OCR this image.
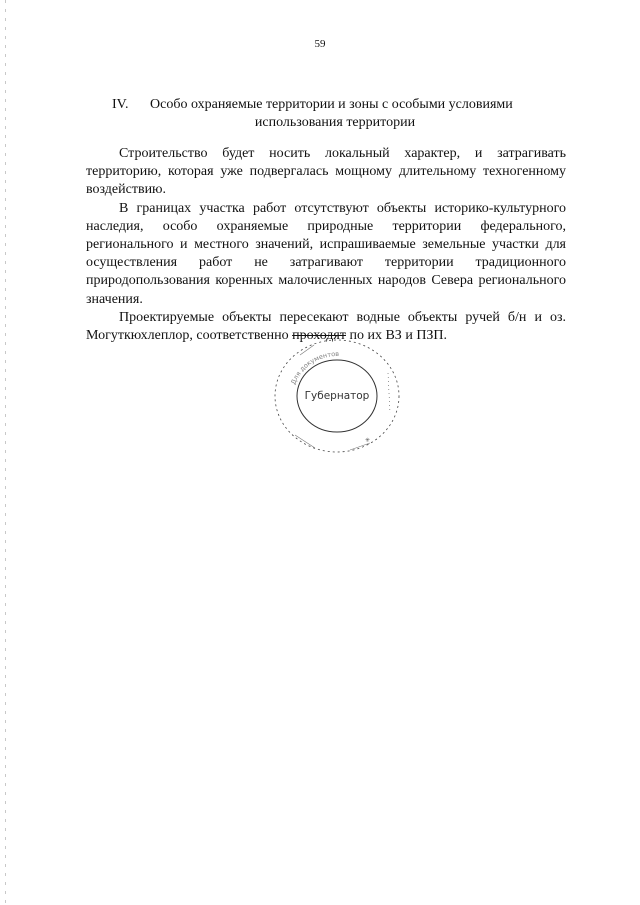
59
IV. Особо охраняемые территории и зоны с особыми условиями
использования территории

Строительство будет носить локальный характер, и затрагивать территорию, которая уже подвергалась мощному длительному техногенному воздействию.

В границах участка работ отсутствуют объекты историко-культурного наследия, особо охраняемые природные территории федерального, регионального и местного значений, испрашиваемые земельные участки для осуществления работ не затрагивают территории традиционного природопользования коренных малочисленных народов Севера регионального значения.

Проектируемые объекты пересекают водные объекты ручей б/н и оз. Могуткюхлеплор, соответственно проходят по их ВЗ и ПЗП.

Для документов
Губернатор
✳
